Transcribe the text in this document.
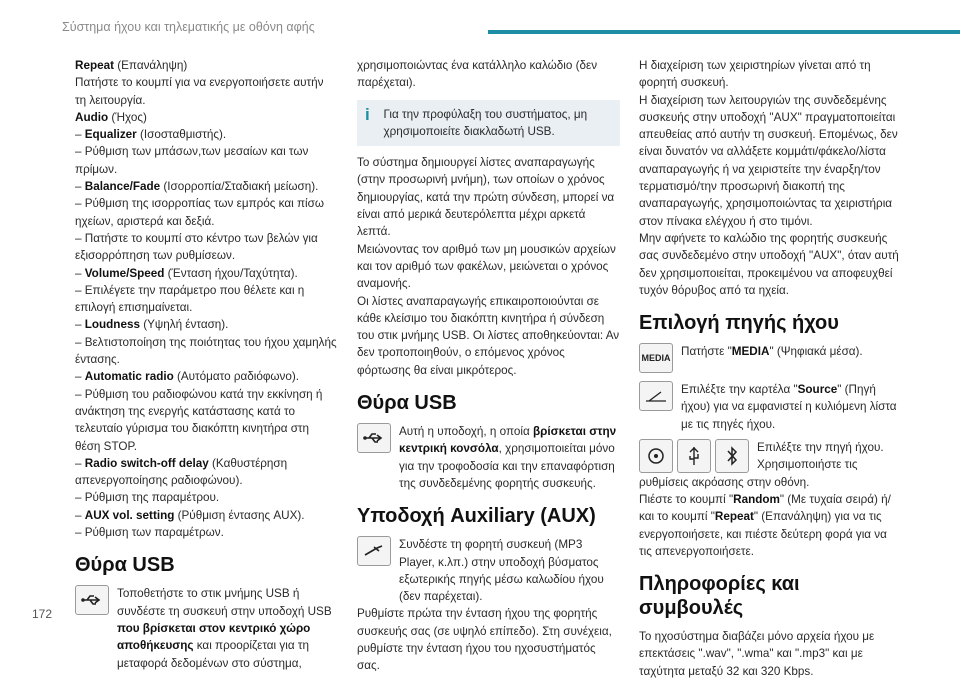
Σύστημα ήχου και τηλεματικής με οθόνη αφής
172

Repeat (Επανάληψη)

Πατήστε το κουμπί για να ενεργοποιήσετε αυτήν τη λειτουργία.

Audio (Ήχος)

– Equalizer (Ισοσταθμιστής).

– Ρύθμιση των μπάσων,των μεσαίων και των πρίμων.

– Balance/Fade (Ισορροπία/Σταδιακή μείωση).

– Ρύθμιση της ισορροπίας των εμπρός και πίσω ηχείων, αριστερά και δεξιά.

– Πατήστε το κουμπί στο κέντρο των βελών για εξισορρόπηση των ρυθμίσεων.

– Volume/Speed (Ένταση ήχου/Ταχύτητα).

– Επιλέγετε την παράμετρο που θέλετε και η επιλογή επισημαίνεται.

– Loudness (Υψηλή ένταση).

– Βελτιστοποίηση της ποιότητας του ήχου χαμηλής έντασης.

– Automatic radio (Αυτόματο ραδιόφωνο).

– Ρύθμιση του ραδιοφώνου κατά την εκκίνηση ή ανάκτηση της ενεργής κατάστασης κατά το τελευταίο γύρισμα του διακόπτη κινητήρα στη θέση STOP.

– Radio switch-off delay (Καθυστέρηση απενεργοποίησης ραδιοφώνου).

– Ρύθμιση της παραμέτρου.

– AUX vol. setting (Ρύθμιση έντασης AUX).

– Ρύθμιση των παραμέτρων.

Θύρα USB
Τοποθετήστε το στικ μνήμης USB ή συνδέστε τη συσκευή στην υποδοχή USB που βρίσκεται στον κεντρικό χώρο αποθήκευσης και προορίζεται για τη μεταφορά δεδομένων στο σύστημα,

χρησιμοποιώντας ένα κατάλληλο καλώδιο (δεν παρέχεται).

i	Για την προφύλαξη του συστήματος, μη χρησιμοποιείτε διακλαδωτή USB.

Το σύστημα δημιουργεί λίστες αναπαραγωγής (στην προσωρινή μνήμη), των οποίων ο χρόνος δημιουργίας, κατά την πρώτη σύνδεση, μπορεί να είναι από μερικά δευτερόλεπτα μέχρι αρκετά λεπτά.

Μειώνοντας τον αριθμό των μη μουσικών αρχείων και τον αριθμό των φακέλων, μειώνεται ο χρόνος αναμονής.

Οι λίστες αναπαραγωγής επικαιροποιούνται σε κάθε κλείσιμο του διακόπτη κινητήρα ή σύνδεση του στικ μνήμης USB. Οι λίστες αποθηκεύονται: Αν δεν τροποποιηθούν, ο επόμενος χρόνος φόρτωσης θα είναι μικρότερος.

Θύρα USB
Αυτή η υποδοχή, η οποία βρίσκεται στην κεντρική κονσόλα, χρησιμοποιείται μόνο για την τροφοδοσία και την επαναφόρτιση της συνδεδεμένης φορητής συσκευής.
Υποδοχή Auxiliary (AUX)
Συνδέστε τη φορητή συσκευή (MP3 Player, κ.λπ.) στην υποδοχή βύσματος εξωτερικής πηγής μέσω καλωδίου ήχου (δεν παρέχεται).

Ρυθμίστε πρώτα την ένταση ήχου της φορητής συσκευής σας (σε υψηλό επίπεδο). Στη συνέχεια, ρυθμίστε την ένταση ήχου του ηχοσυστήματός σας.

Η διαχείριση των χειριστηρίων γίνεται από τη φορητή συσκευή.

Η διαχείριση των λειτουργιών της συνδεδεμένης συσκευής στην υποδοχή "AUX" πραγματοποιείται απευθείας από αυτήν τη συσκευή. Επομένως, δεν είναι δυνατόν να αλλάξετε κομμάτι/φάκελο/λίστα αναπαραγωγής ή να χειριστείτε την έναρξη/τον τερματισμό/την προσωρινή διακοπή της αναπαραγωγής, χρησιμοποιώντας τα χειριστήρια στον πίνακα ελέγχου ή στο τιμόνι.

Μην αφήνετε το καλώδιο της φορητής συσκευής σας συνδεδεμένο στην υποδοχή "AUX", όταν αυτή δεν χρησιμοποιείται, προκειμένου να αποφευχθεί τυχόν θόρυβος από τα ηχεία.

Επιλογή πηγής ήχου
MEDIA Πατήστε "MEDIA" (Ψηφιακά μέσα).
Επιλέξτε την καρτέλα "Source" (Πηγή ήχου) για να εμφανιστεί η κυλιόμενη λίστα με τις πηγές ήχου.
Επιλέξτε την πηγή ήχου.

Χρησιμοποιήστε τις ρυθμίσεις ακρόασης στην οθόνη.

Πιέστε το κουμπί "Random" (Με τυχαία σειρά) ή/

και το κουμπί "Repeat" (Επανάληψη) για να τις ενεργοποιήσετε, και πιέστε δεύτερη φορά για να τις απενεργοποιήσετε.

Πληροφορίες και συμβουλές

Το ηχοσύστημα διαβάζει μόνο αρχεία ήχου με επεκτάσεις ".wav", ".wma" και ".mp3" και με ταχύτητα μεταξύ 32 και 320 Kbps.
